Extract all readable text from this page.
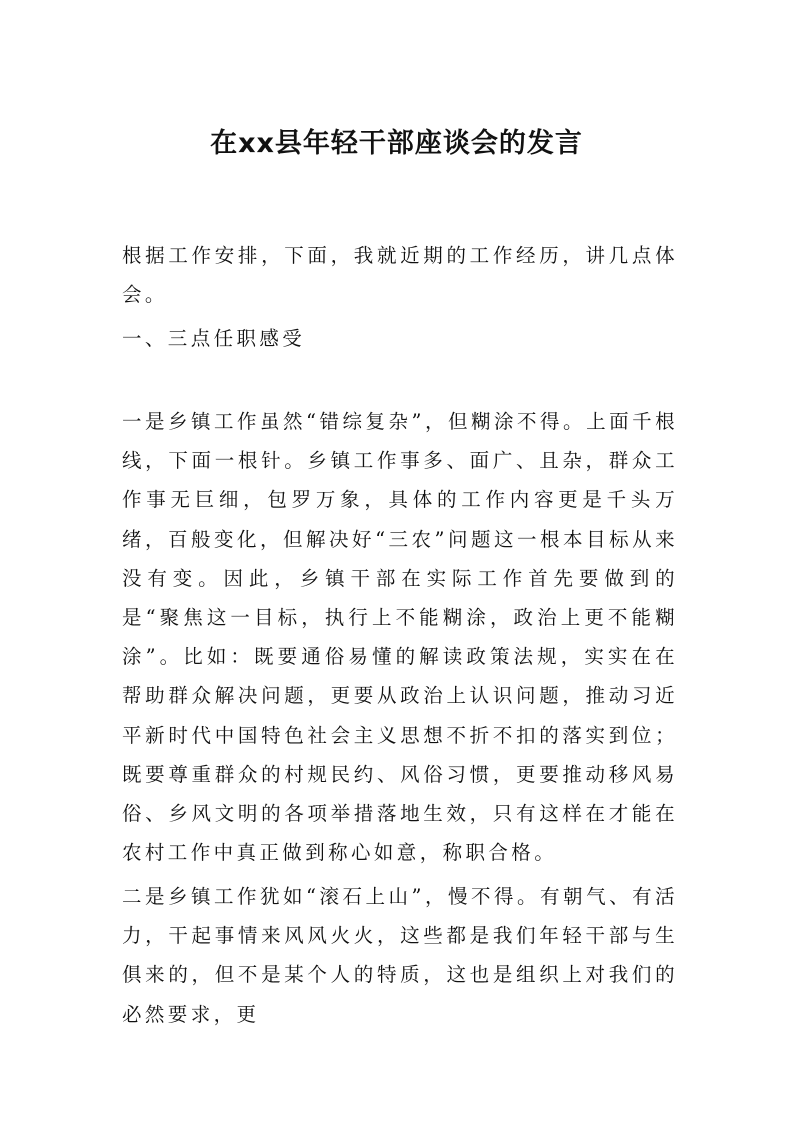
在xx县年轻干部座谈会的发言

根据工作安排，下面，我就近期的工作经历，讲几点体会。

一、三点任职感受

一是乡镇工作虽然“错综复杂”，但糊涂不得。上面千根线，下面一根针。乡镇工作事多、面广、且杂，群众工作事无巨细，包罗万象，具体的工作内容更是千头万绪，百般变化，但解决好“三农”问题这一根本目标从来没有变。因此，乡镇干部在实际工作首先要做到的是“聚焦这一目标，执行上不能糊涂，政治上更不能糊涂”。比如：既要通俗易懂的解读政策法规，实实在在帮助群众解决问题，更要从政治上认识问题，推动习近平新时代中国特色社会主义思想不折不扣的落实到位；既要尊重群众的村规民约、风俗习惯，更要推动移风易俗、乡风文明的各项举措落地生效，只有这样在才能在农村工作中真正做到称心如意，称职合格。

二是乡镇工作犹如“滚石上山”，慢不得。有朝气、有活力，干起事情来风风火火，这些都是我们年轻干部与生俱来的，但不是某个人的特质，这也是组织上对我们的必然要求，更
